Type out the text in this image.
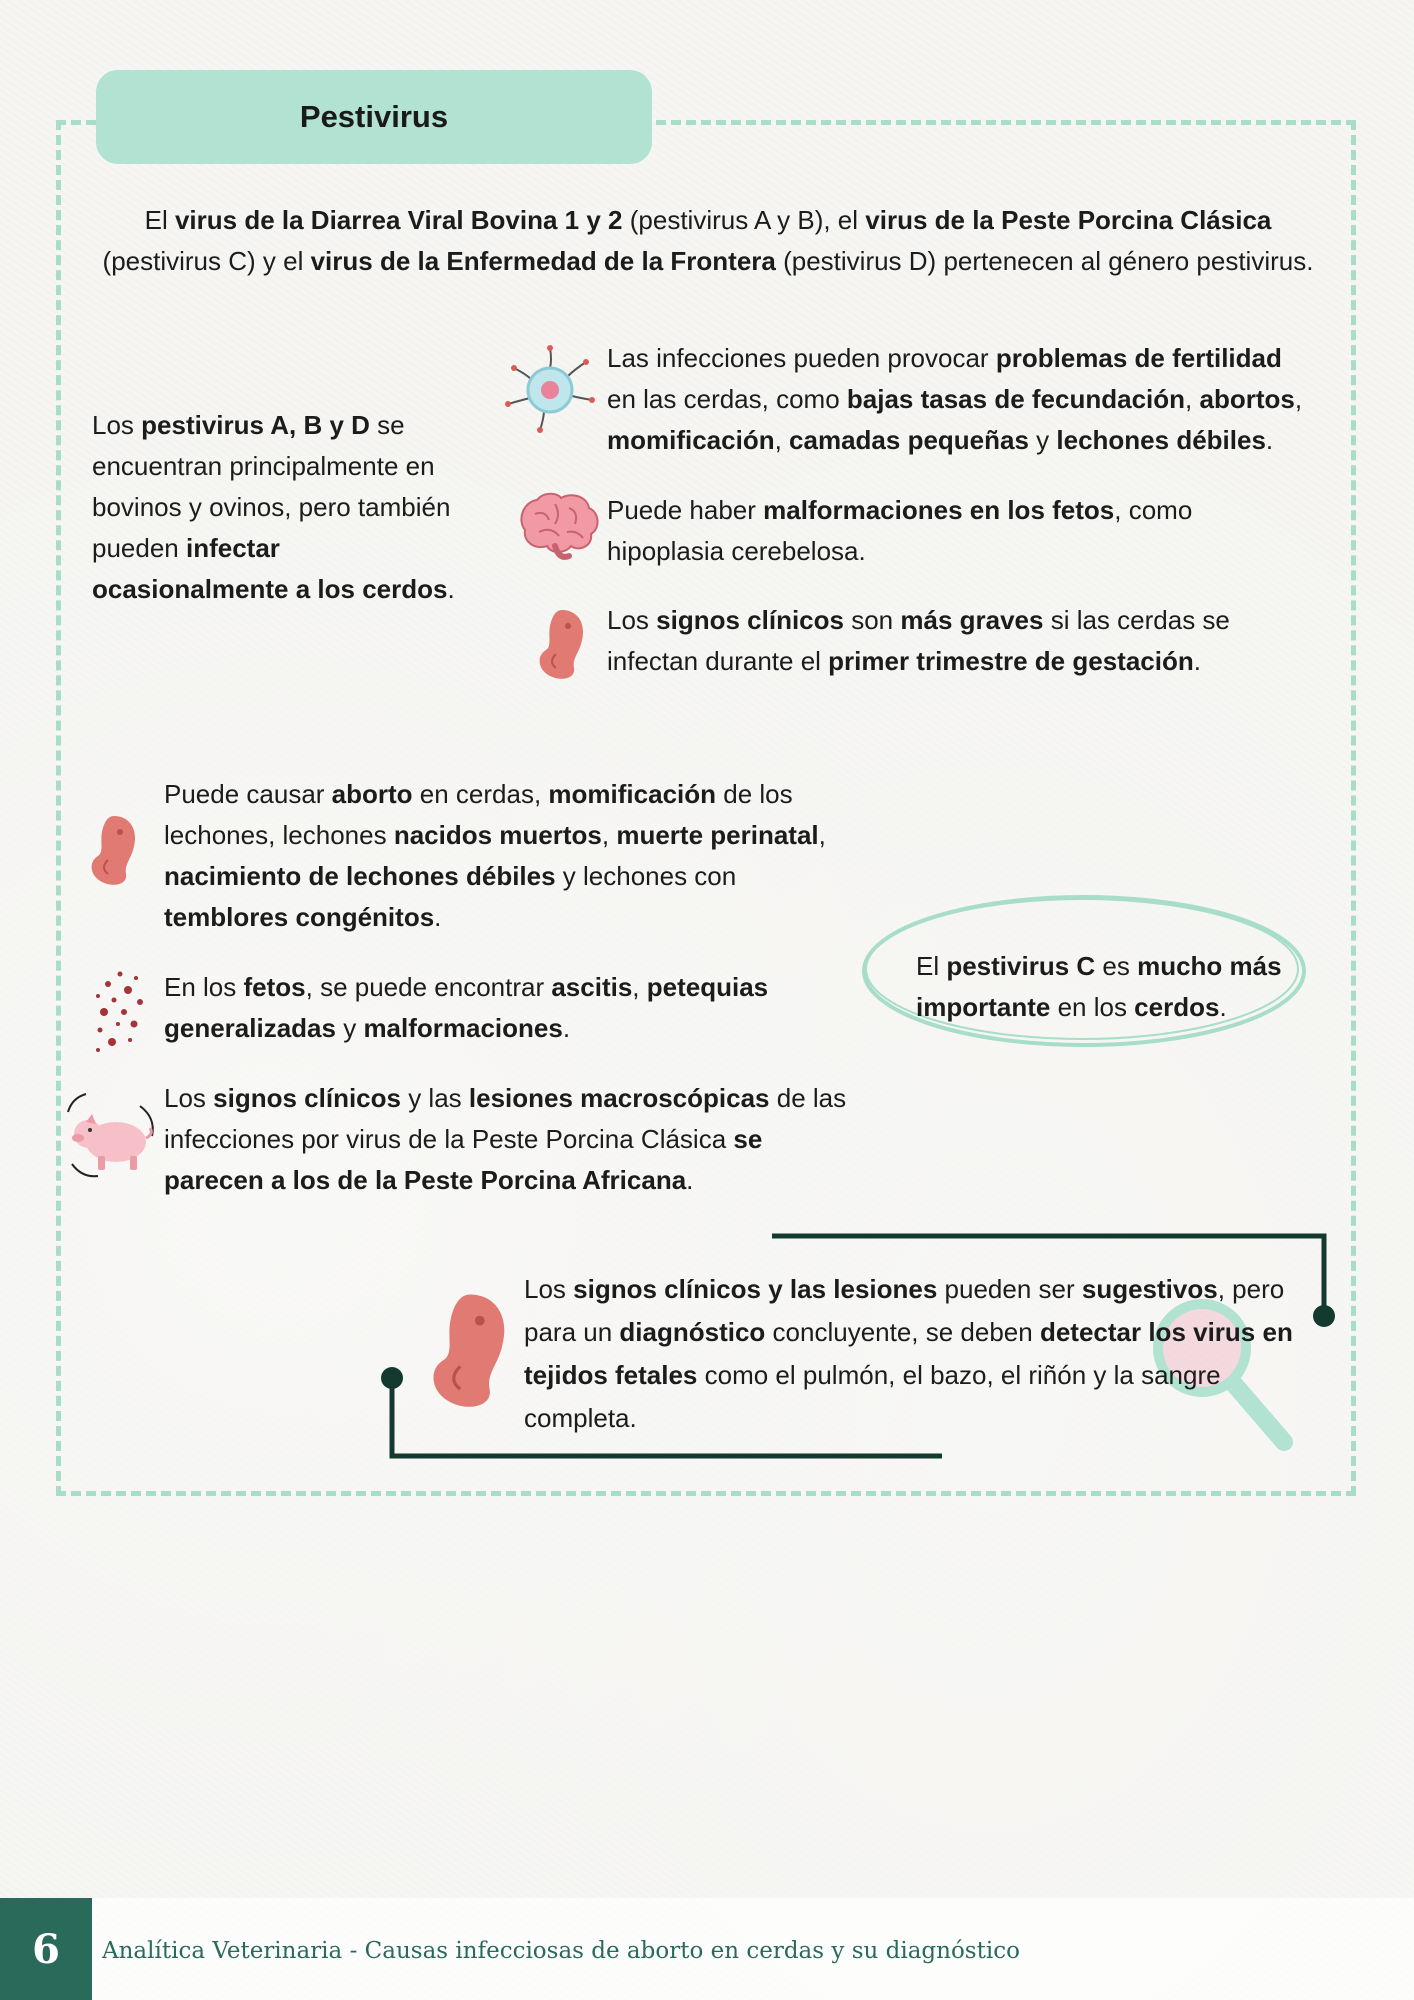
Pestivirus
El virus de la Diarrea Viral Bovina 1 y 2 (pestivirus A y B), el virus de la Peste Porcina Clásica (pestivirus C) y el virus de la Enfermedad de la Frontera (pestivirus D) pertenecen al género pestivirus.
Los pestivirus A, B y D se encuentran principalmente en bovinos y ovinos, pero también pueden infectar ocasionalmente a los cerdos.
Las infecciones pueden provocar problemas de fertilidad en las cerdas, como bajas tasas de fecundación, abortos, momificación, camadas pequeñas y lechones débiles.
Puede haber malformaciones en los fetos, como hipoplasia cerebelosa.
Los signos clínicos son más graves si las cerdas se infectan durante el primer trimestre de gestación.
Puede causar aborto en cerdas, momificación de los lechones, lechones nacidos muertos, muerte perinatal, nacimiento de lechones débiles y lechones con temblores congénitos.
En los fetos, se puede encontrar ascitis, petequias generalizadas y malformaciones.
Los signos clínicos y las lesiones macroscópicas de las infecciones por virus de la Peste Porcina Clásica se parecen a los de la Peste Porcina Africana.
El pestivirus C es mucho más importante en los cerdos.
Los signos clínicos y las lesiones pueden ser sugestivos, pero para un diagnóstico concluyente, se deben detectar los virus en tejidos fetales como el pulmón, el bazo, el riñón y la sangre completa.
6	Analítica Veterinaria - Causas infecciosas de aborto en cerdas y su diagnóstico
